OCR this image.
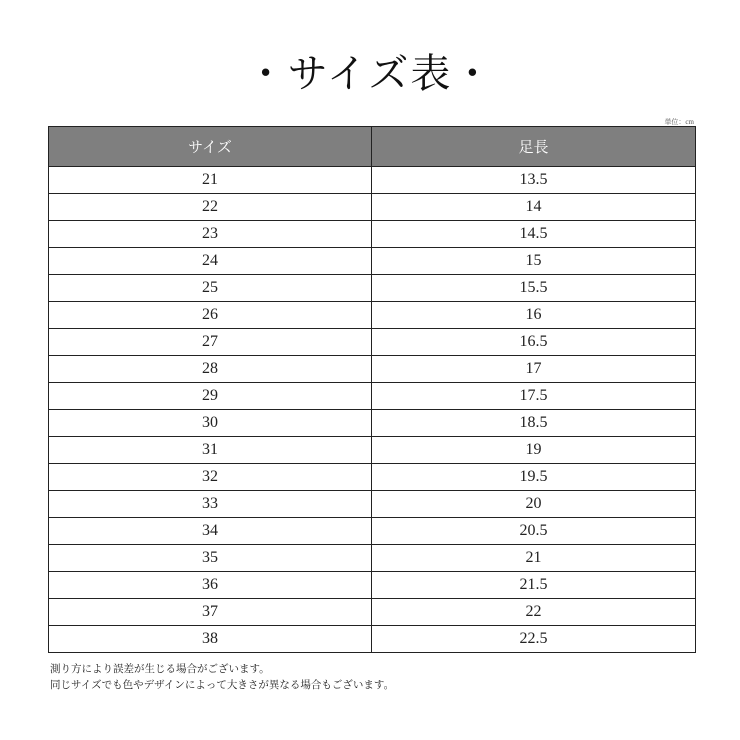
・サイズ表・
単位：cm
サイズ	足長
21	13.5
22	14
23	14.5
24	15
25	15.5
26	16
27	16.5
28	17
29	17.5
30	18.5
31	19
32	19.5
33	20
34	20.5
35	21
36	21.5
37	22
38	22.5
測り方により誤差が生じる場合がございます。
同じサイズでも色やデザインによって大きさが異なる場合もございます。
